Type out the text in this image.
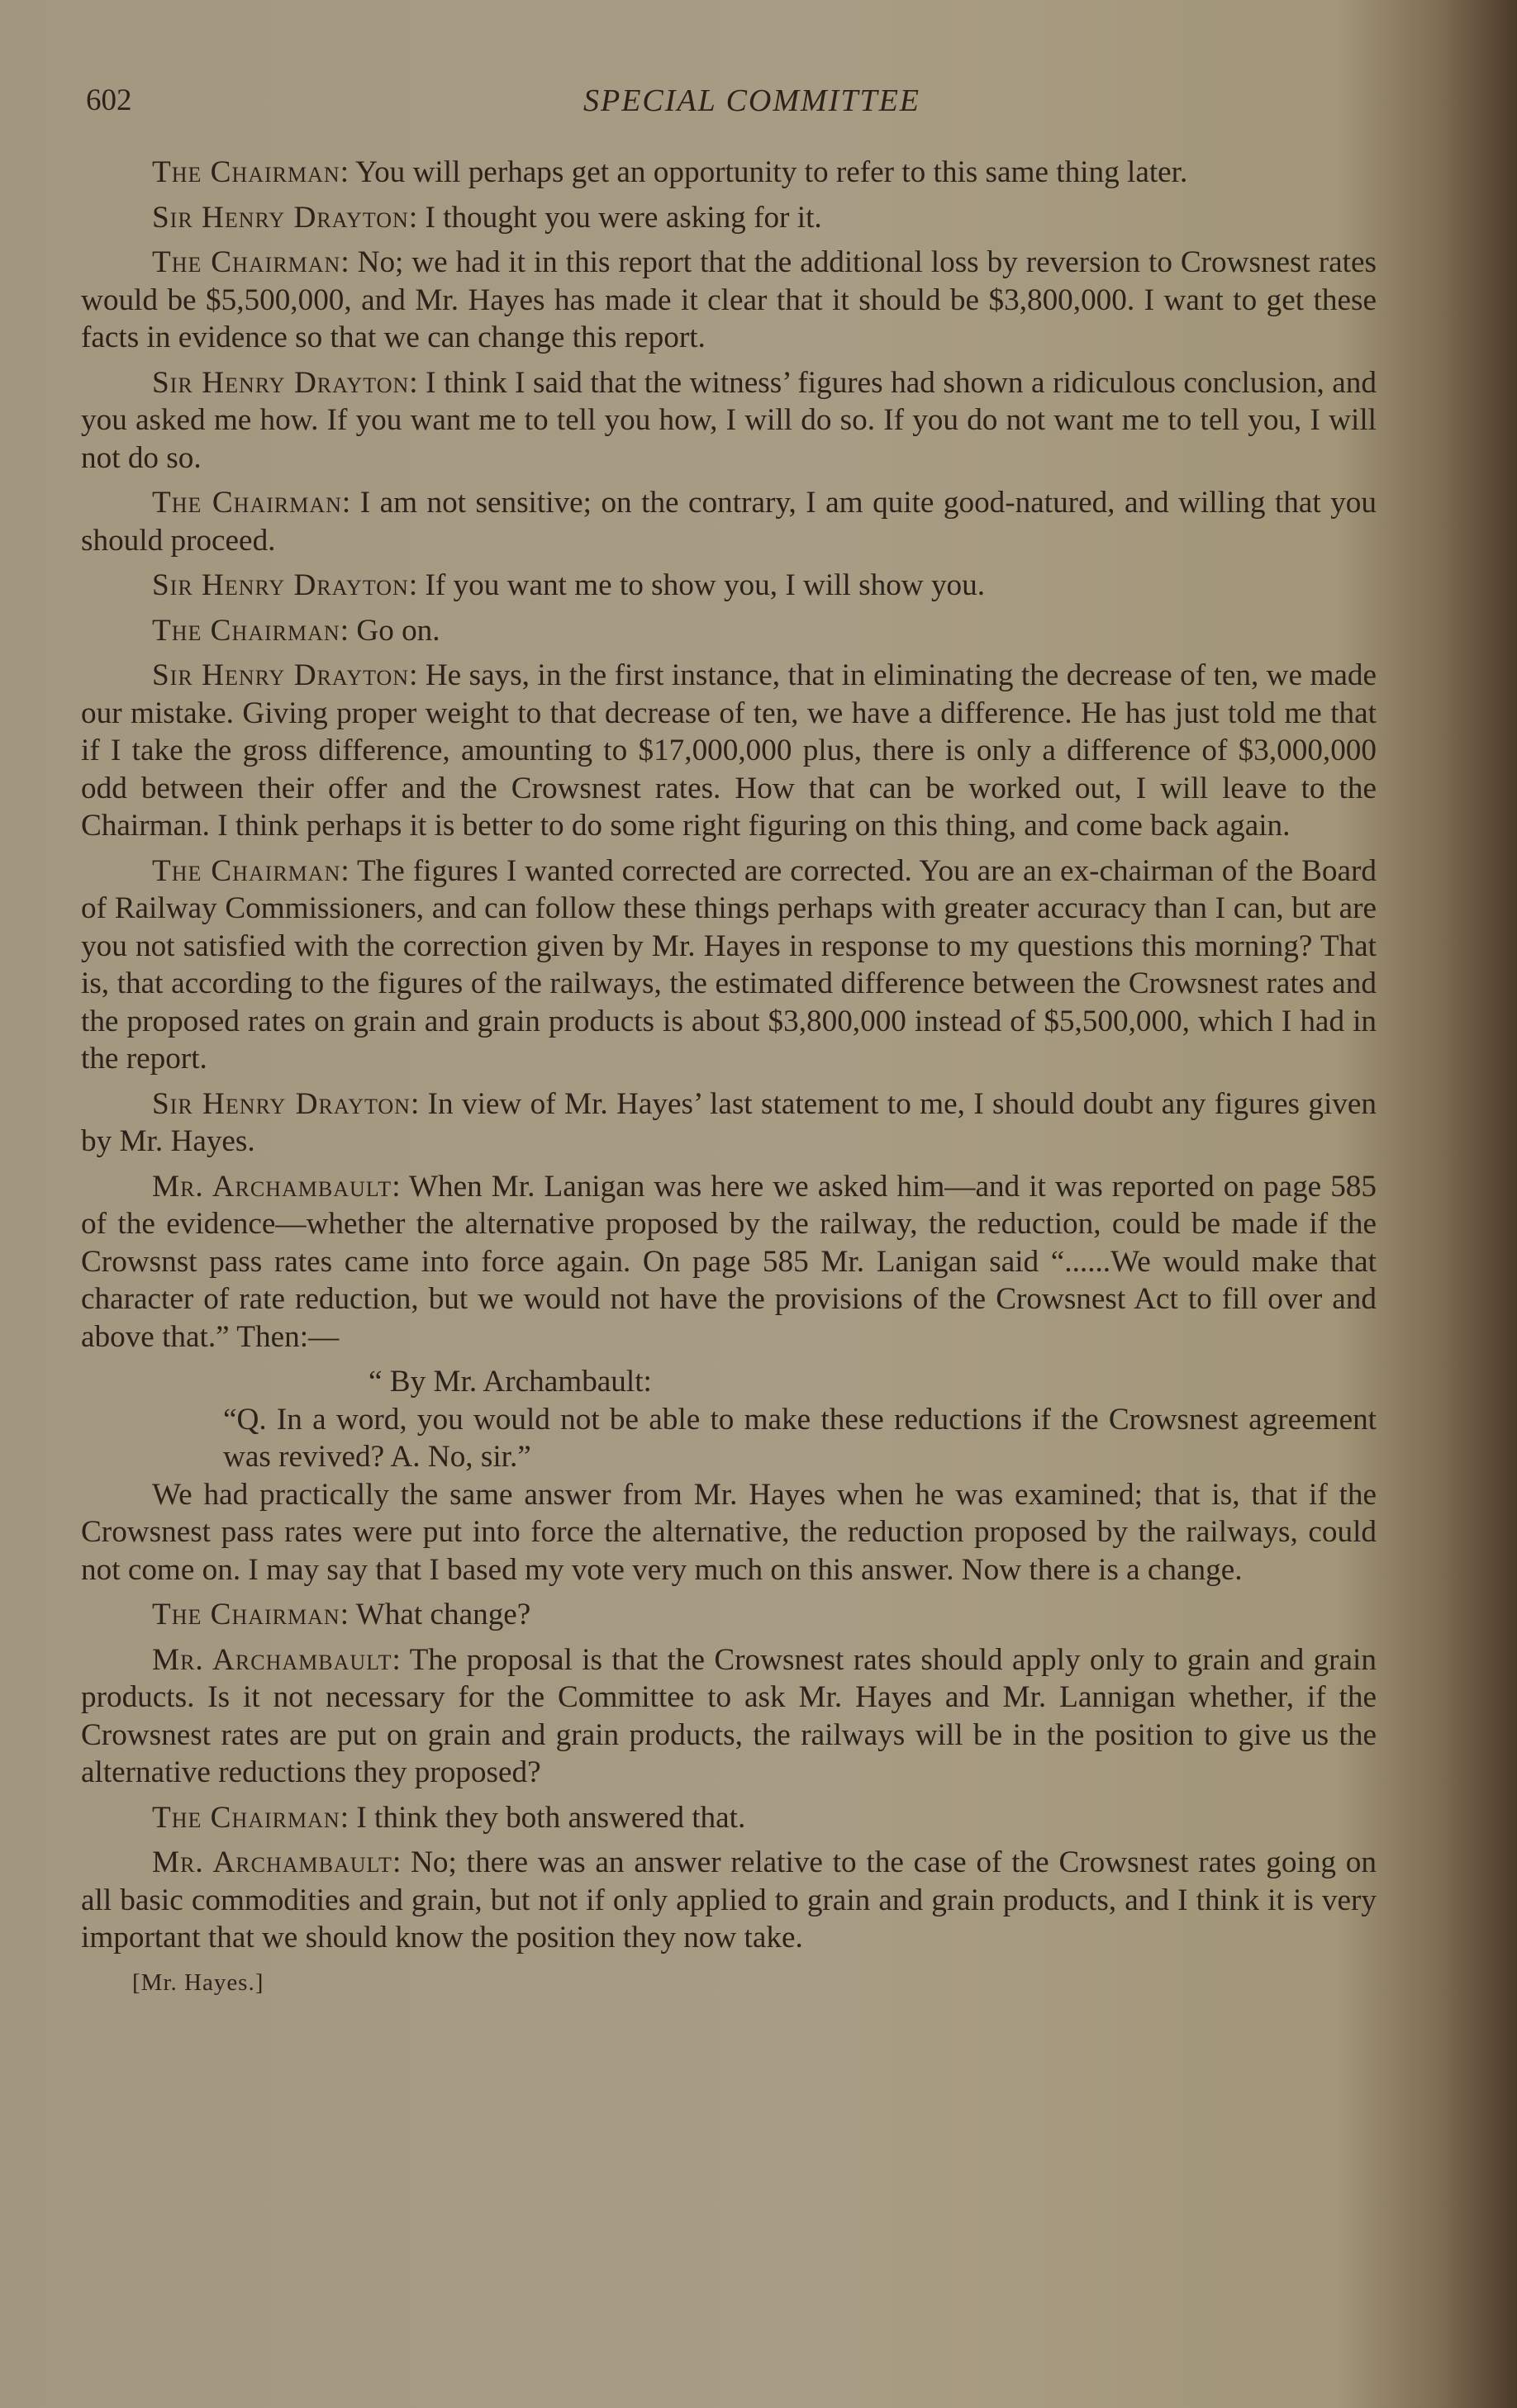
602	SPECIAL COMMITTEE

The Chairman: You will perhaps get an opportunity to refer to this same thing later.

Sir Henry Drayton: I thought you were asking for it.

The Chairman: No; we had it in this report that the additional loss by reversion to Crowsnest rates would be $5,500,000, and Mr. Hayes has made it clear that it should be $3,800,000. I want to get these facts in evidence so that we can change this report.

Sir Henry Drayton: I think I said that the witness’ figures had shown a ridiculous conclusion, and you asked me how. If you want me to tell you how, I will do so. If you do not want me to tell you, I will not do so.

The Chairman: I am not sensitive; on the contrary, I am quite good-natured, and willing that you should proceed.

Sir Henry Drayton: If you want me to show you, I will show you.

The Chairman: Go on.

Sir Henry Drayton: He says, in the first instance, that in eliminating the decrease of ten, we made our mistake. Giving proper weight to that decrease of ten, we have a difference. He has just told me that if I take the gross difference, amounting to $17,000,000 plus, there is only a difference of $3,000,000 odd between their offer and the Crowsnest rates. How that can be worked out, I will leave to the Chairman. I think perhaps it is better to do some right figuring on this thing, and come back again.

The Chairman: The figures I wanted corrected are corrected. You are an ex-chairman of the Board of Railway Commissioners, and can follow these things perhaps with greater accuracy than I can, but are you not satisfied with the correction given by Mr. Hayes in response to my questions this morning? That is, that according to the figures of the railways, the estimated difference between the Crowsnest rates and the proposed rates on grain and grain products is about $3,800,000 instead of $5,500,000, which I had in the report.

Sir Henry Drayton: In view of Mr. Hayes’ last statement to me, I should doubt any figures given by Mr. Hayes.

Mr. Archambault: When Mr. Lanigan was here we asked him—and it was reported on page 585 of the evidence—whether the alternative proposed by the railway, the reduction, could be made if the Crowsnst pass rates came into force again. On page 585 Mr. Lanigan said “......We would make that character of rate reduction, but we would not have the provisions of the Crowsnest Act to fill over and above that.” Then:—

“ By Mr. Archambault:

“Q. In a word, you would not be able to make these reductions if the Crowsnest agreement was revived? A. No, sir.”

We had practically the same answer from Mr. Hayes when he was examined; that is, that if the Crowsnest pass rates were put into force the alternative, the reduction proposed by the railways, could not come on. I may say that I based my vote very much on this answer. Now there is a change.

The Chairman: What change?

Mr. Archambault: The proposal is that the Crowsnest rates should apply only to grain and grain products. Is it not necessary for the Committee to ask Mr. Hayes and Mr. Lannigan whether, if the Crowsnest rates are put on grain and grain products, the railways will be in the position to give us the alternative reductions they proposed?

The Chairman: I think they both answered that.

Mr. Archambault: No; there was an answer relative to the case of the Crowsnest rates going on all basic commodities and grain, but not if only applied to grain and grain products, and I think it is very important that we should know the position they now take.

[Mr. Hayes.]
